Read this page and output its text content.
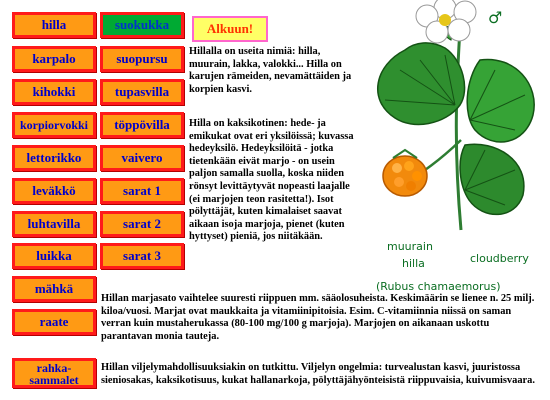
hilla
karpalo
kihokki
korpiorvokki
lettorikko
leväkkö
luhtavilla
luikka
mähkä
raate
rahka-sammalet
suokukka
suopursu
tupasvilla
töppövilla
vaivero
sarat 1
sarat 2
sarat 3
Alkuun!

Hillalla on useita nimiä: hilla, muurain, lakka, valokki... Hilla on karujen rämeiden, nevamättäiden ja korpien kasvi.

Hilla on kaksikotinen: hede- ja emikukat ovat eri yksilöissä; kuvassa hedeyksilö. Hedeyksilöitä - jotka tietenkään eivät marjo - on usein paljon samalla suolla, koska niiden rönsyt levittäytyvät nopeasti laajalle (ei marjojen teon rasitetta!). Isot pölyttäjät, kuten kimalaiset saavat aikaan isoja marjoja, pienet (kuten hyttyset) pieniä, jos niitäkään.

Hillan marjasato vaihtelee suuresti riippuen mm. sääolosuheista. Keskimäärin se lienee n. 25 milj. kiloa/vuosi. Marjat ovat maukkaita ja vitamiinipitoisia. Esim. C-vitamiinnia niissä on saman verran kuin mustaherukassa (80-100 mg/100 g marjoja). Marjojen on aikanaan uskottu parantavan monia tauteja.

Hillan viljelymahdollisuuksiakin on tutkittu. Viljelyn ongelmia: turvealustan kasvi, juuristossa sieniosakas, kaksikotisuus, kukat hallanarkoja, pölyttäjähyönteisistä riippuvaisia, kuivumisvaara.

♂
muurain
hilla	cloudberry
(Rubus chamaemorus)
